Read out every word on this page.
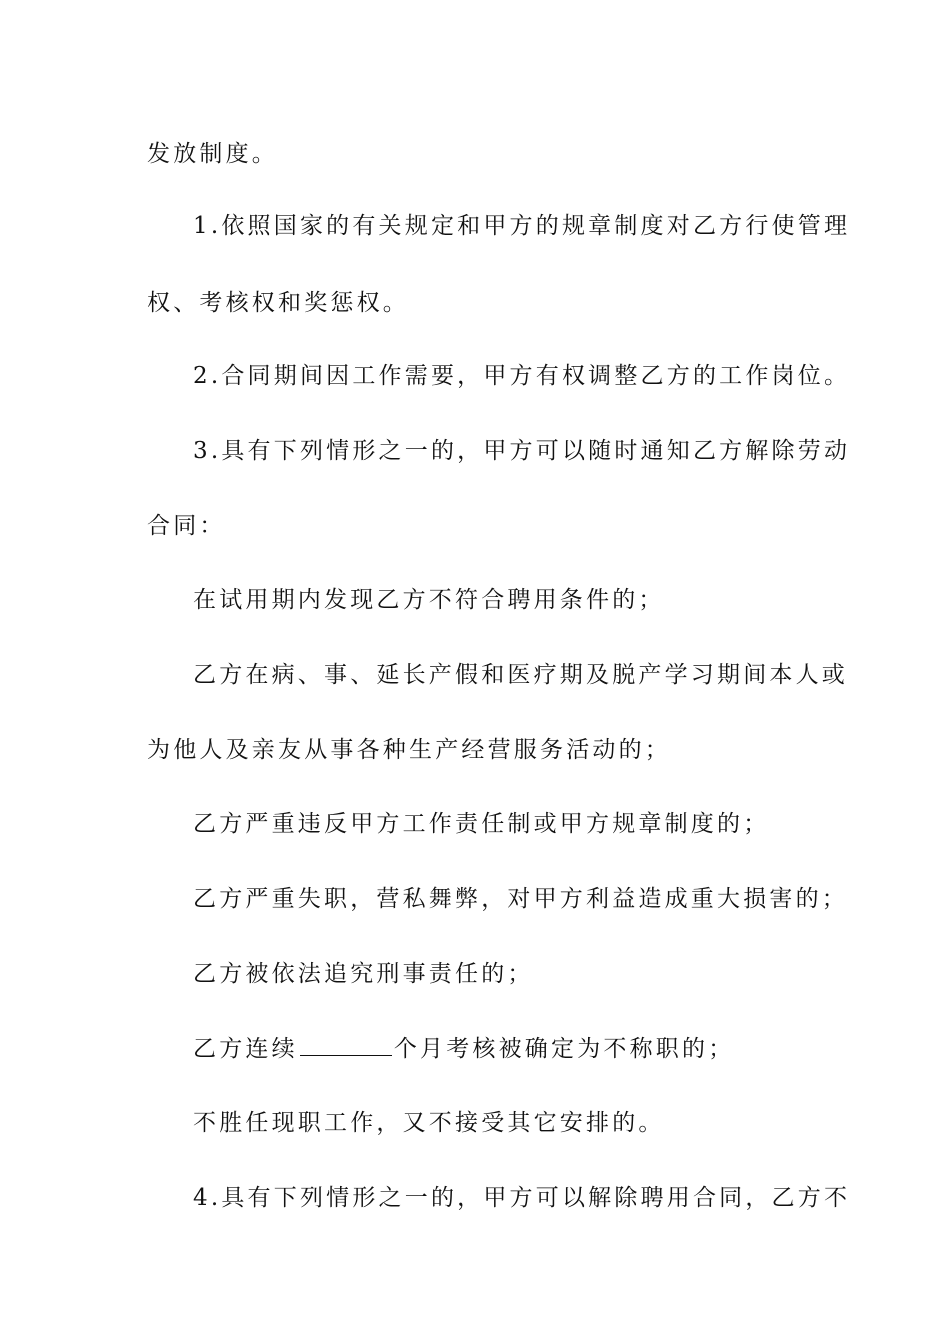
发放制度。
1.依照国家的有关规定和甲方的规章制度对乙方行使管理
权、考核权和奖惩权。
2.合同期间因工作需要，甲方有权调整乙方的工作岗位。
3.具有下列情形之一的，甲方可以随时通知乙方解除劳动
合同：
在试用期内发现乙方不符合聘用条件的；
乙方在病、事、延长产假和医疗期及脱产学习期间本人或
为他人及亲友从事各种生产经营服务活动的；
乙方严重违反甲方工作责任制或甲方规章制度的；
乙方严重失职，营私舞弊，对甲方利益造成重大损害的；
乙方被依法追究刑事责任的；
乙方连续	个月考核被确定为不称职的；
不胜任现职工作，又不接受其它安排的。
4.具有下列情形之一的，甲方可以解除聘用合同，乙方不
